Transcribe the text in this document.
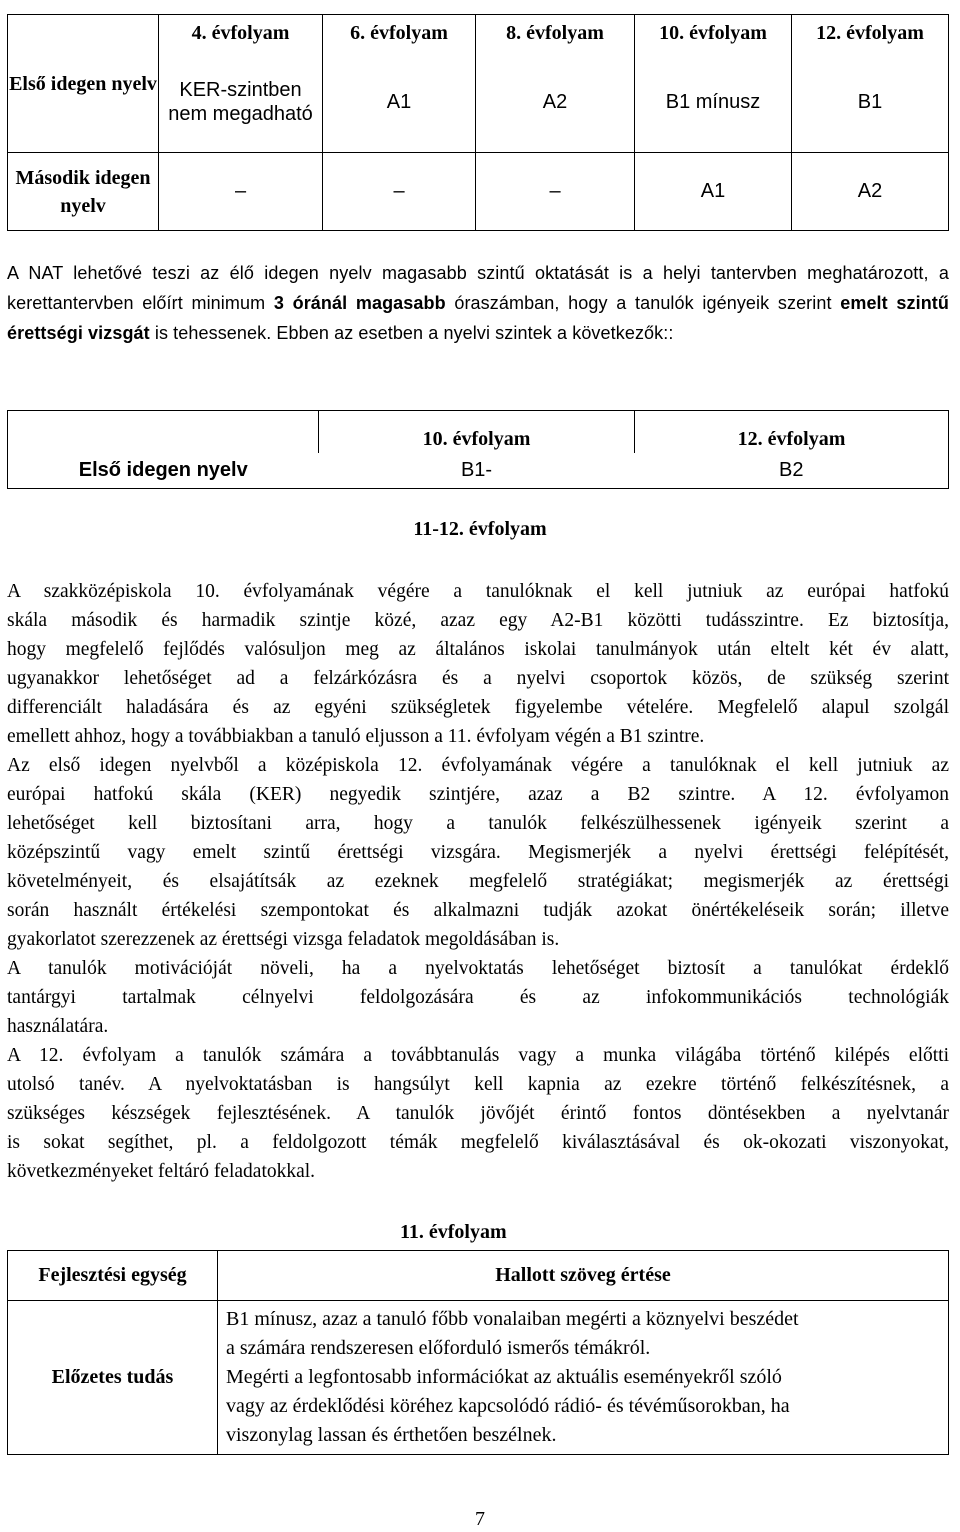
Első idegen nyelv	4. évfolyam	6. évfolyam	8. évfolyam	10. évfolyam	12. évfolyam
	KER-szintben nem megadható	A1	A2	B1 mínusz	B1
Második idegen nyelv	–	–	–	A1	A2
A NAT lehetővé teszi az élő idegen nyelv magasabb szintű oktatását is a helyi tantervben meghatározott, a kerettantervben előírt minimum 3 óránál magasabb óraszámban, hogy a tanulók igényeik szerint emelt szintű érettségi vizsgát is tehessenek. Ebben az esetben a nyelvi szintek a következők::
	10. évfolyam	12. évfolyam
Első idegen nyelv	B1-	B2
11-12. évfolyam
A szakközépiskola 10. évfolyamának végére a tanulóknak el kell jutniuk az európai hatfokú
skála második és harmadik szintje közé, azaz egy A2-B1 közötti tudásszintre. Ez biztosítja,
hogy megfelelő fejlődés valósuljon meg az általános iskolai tanulmányok után eltelt két év alatt,
ugyanakkor lehetőséget ad a felzárkózásra és a nyelvi csoportok közös, de szükség szerint
differenciált haladására és az egyéni szükségletek figyelembe vételére. Megfelelő alapul szolgál
emellett ahhoz, hogy a továbbiakban a tanuló eljusson a 11. évfolyam végén a B1 szintre.
Az első idegen nyelvből a középiskola 12. évfolyamának végére a tanulóknak el kell jutniuk az
európai hatfokú skála (KER) negyedik szintjére, azaz a B2 szintre. A 12. évfolyamon
lehetőséget kell biztosítani arra, hogy a tanulók felkészülhessenek igényeik szerint a
középszintű vagy emelt szintű érettségi vizsgára. Megismerjék a nyelvi érettségi felépítését,
követelményeit, és elsajátítsák az ezeknek megfelelő stratégiákat; megismerjék az érettségi
során használt értékelési szempontokat és alkalmazni tudják azokat önértékeléseik során; illetve
gyakorlatot szerezzenek az érettségi vizsga feladatok megoldásában is.
A tanulók motivációját növeli, ha a nyelvoktatás lehetőséget biztosít a tanulókat érdeklő
tantárgyi tartalmak célnyelvi feldolgozására és az infokommunikációs technológiák
használatára.
A 12. évfolyam a tanulók számára a továbbtanulás vagy a munka világába történő kilépés előtti
utolsó tanév. A nyelvoktatásban is hangsúlyt kell kapnia az ezekre történő felkészítésnek, a
szükséges készségek fejlesztésének. A tanulók jövőjét érintő fontos döntésekben a nyelvtanár
is sokat segíthet, pl. a feldolgozott témák megfelelő kiválasztásával és ok-okozati viszonyokat,
következményeket feltáró feladatokkal.
11. évfolyam
Fejlesztési egység	Hallott szöveg értése
Előzetes tudás	B1 mínusz, azaz a tanuló főbb vonalaiban megérti a köznyelvi beszédet
a számára rendszeresen előforduló ismerős témákról.
Megérti a legfontosabb információkat az aktuális eseményekről szóló
vagy az érdeklődési köréhez kapcsolódó rádió- és tévéműsorokban, ha
viszonylag lassan és érthetően beszélnek.
7
